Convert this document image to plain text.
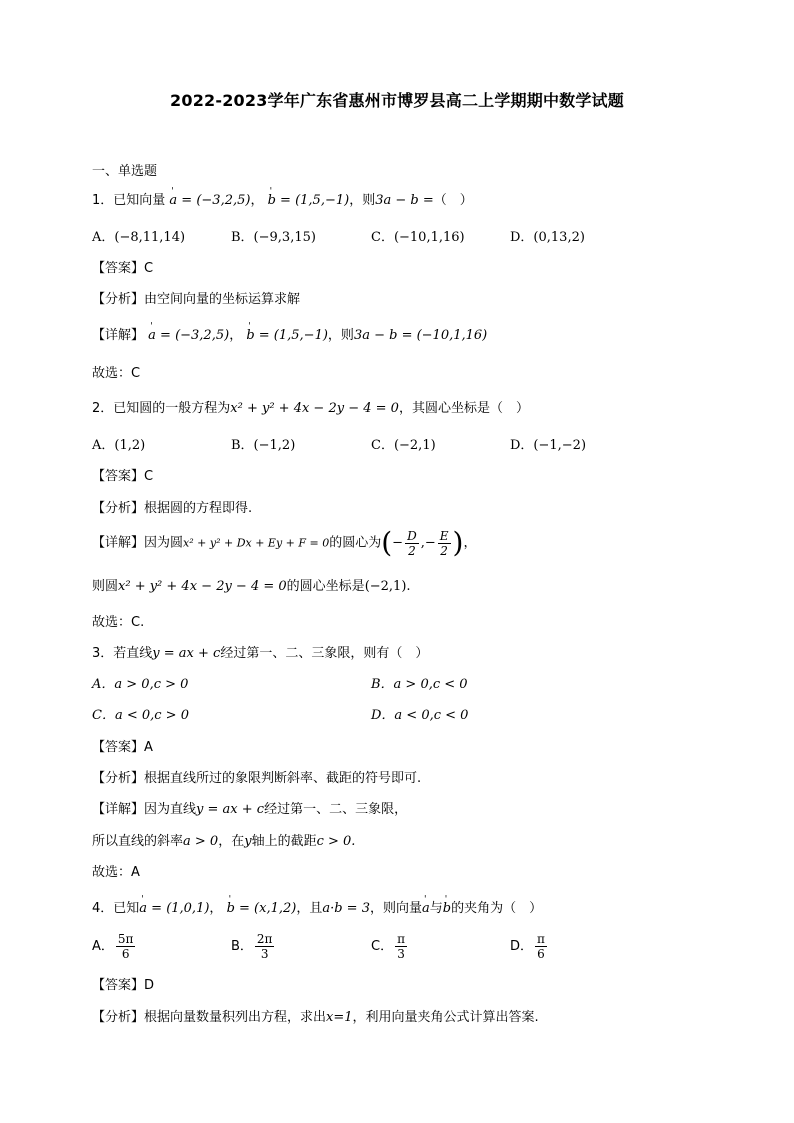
2022-2023学年广东省惠州市博罗县高二上学期期中数学试题
一、单选题
1．已知向量 ' a = (−3,2,5)， ' b = (1,5,−1)，则3a − b =（　）
A．(−8,11,14)	B．(−9,3,15)	C．(−10,1,16)	D．(0,13,2)
【答案】C
【分析】由空间向量的坐标运算求解
【详解】 ' a = (−3,2,5)， ' b = (1,5,−1)，则3a − b = (−10,1,16)
故选：C
2．已知圆的一般方程为x² + y² + 4x − 2y − 4 = 0，其圆心坐标是（　）
A．(1,2)	B．(−1,2)	C．(−2,1)	D．(−1,−2)
【答案】C
【分析】根据圆的方程即得.
【详解】因为圆x² + y² + Dx + Ey + F = 0的圆心为(− $\frac{D}{2}$ ,− $\frac{E}{2}$ )，
则圆x² + y² + 4x − 2y − 4 = 0的圆心坐标是(−2,1).
故选：C.
3．若直线y = ax + c经过第一、二、三象限，则有（　）
A．a > 0,c > 0	B．a > 0,c < 0
C．a < 0,c > 0	D．a < 0,c < 0
【答案】A
【分析】根据直线所过的象限判断斜率、截距的符号即可.
【详解】因为直线y = ax + c经过第一、二、三象限，
所以直线的斜率a > 0，在y轴上的截距c > 0.
故选：A
4．已知' a = (1,0,1)， ' b = (x,1,2)，且a·b = 3，则向量' a与' b的夹角为（　）
A． $\frac{5\pi}{6}$	B． $\frac{2\pi}{3}$	C． $\frac{\pi}{3}$	D． $\frac{\pi}{6}$
【答案】D
【分析】根据向量数量积列出方程，求出x=1，利用向量夹角公式计算出答案.
